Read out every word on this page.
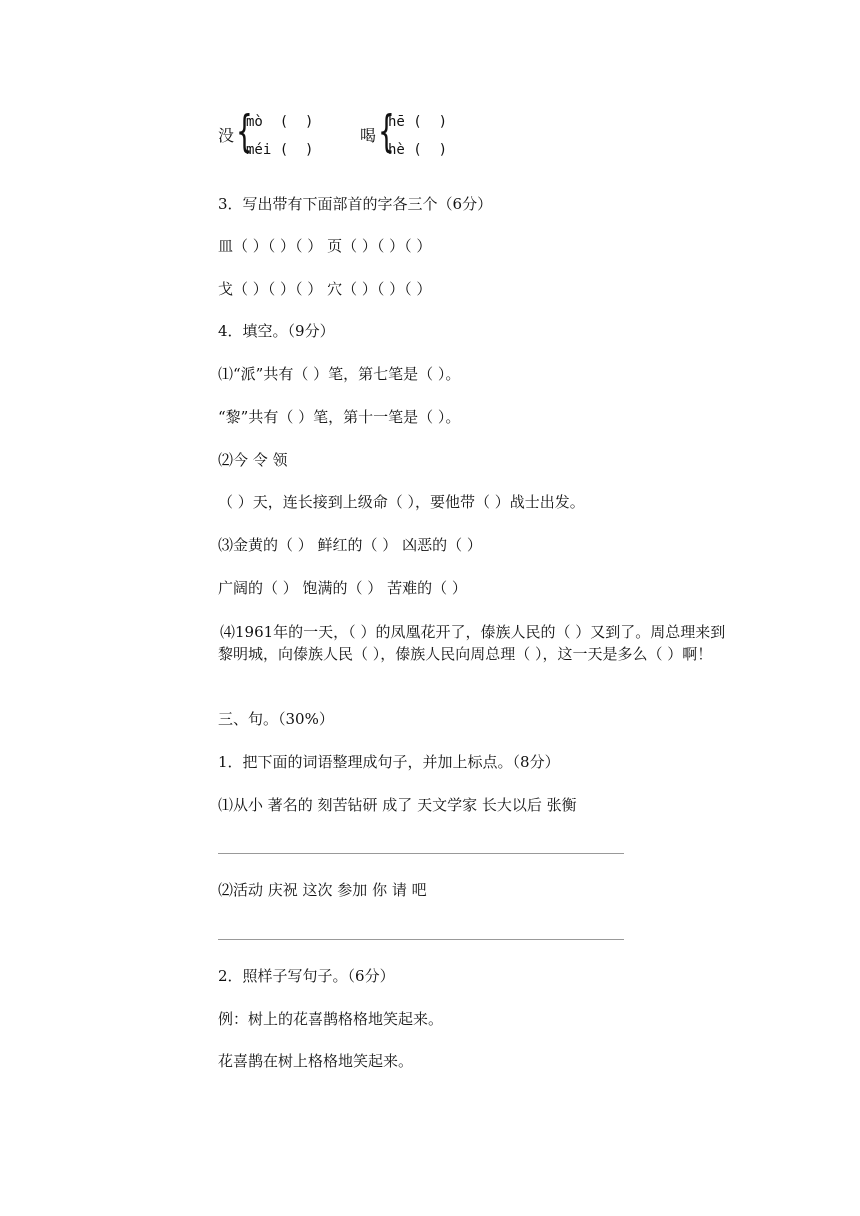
没 {
mò  (  )
méi (  )
喝 {
hē (  )
hè (  )
3．写出带有下面部首的字各三个（6分）
皿（ ）（ ）（ ） 页（ ）（ ）（ ）
戈（ ）（ ）（ ） 穴（ ）（ ）（ ）
4．填空。（9分）
⑴“派”共有（ ）笔，第七笔是（ ）。
“黎”共有（ ）笔，第十一笔是（ ）。
⑵今 令 领
（ ）天，连长接到上级命（ ），要他带（ ）战士出发。
⑶金黄的（ ） 鲜红的（ ） 凶恶的（ ）
广阔的（ ） 饱满的（ ） 苦难的（ ）
⑷1961年的一天，（ ）的凤凰花开了，傣族人民的（ ）又到了。周总理来到黎明城，向傣族人民（ ），傣族人民向周总理（ ），这一天是多么（ ）啊！
三、句。（30%）
1．把下面的词语整理成句子，并加上标点。（8分）
⑴从小 著名的 刻苦钻研 成了 天文学家 长大以后 张衡
⑵活动 庆祝 这次 参加 你 请 吧
2．照样子写句子。（6分）
例：树上的花喜鹊格格地笑起来。
花喜鹊在树上格格地笑起来。
